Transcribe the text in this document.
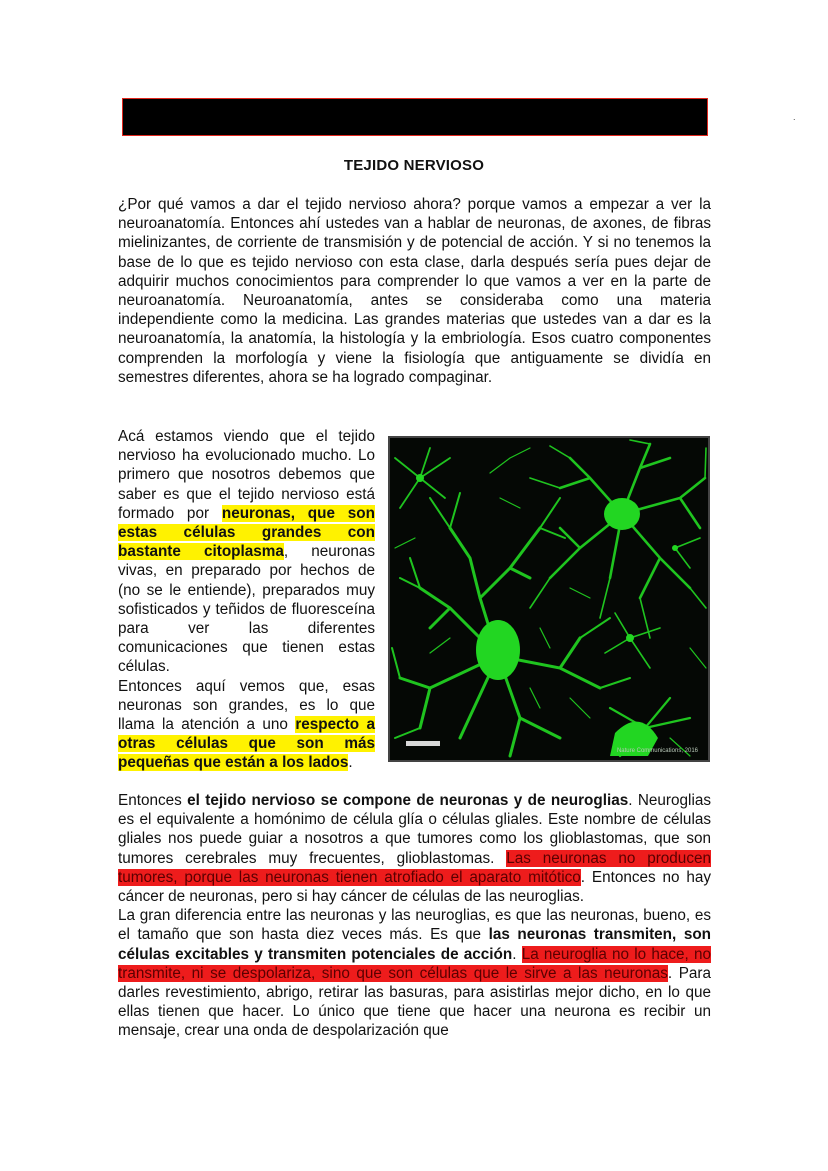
.
TEJIDO NERVIOSO

¿Por qué vamos a dar el tejido nervioso ahora? porque vamos a empezar a ver la neuroanatomía. Entonces ahí ustedes van a hablar de neuronas, de axones, de fibras mielinizantes, de corriente de transmisión y de potencial de acción. Y si no tenemos la base de lo que es tejido nervioso con esta clase, darla después sería pues dejar de adquirir muchos conocimientos para comprender lo que vamos a ver en la parte de neuroanatomía. Neuroanatomía, antes se consideraba como una materia independiente como la medicina. Las grandes materias que ustedes van a dar es la neuroanatomía, la anatomía, la histología y la embriología. Esos cuatro componentes comprenden la morfología y viene la fisiología que antiguamente se dividía en semestres diferentes, ahora se ha logrado compaginar.

Acá estamos viendo que el tejido nervioso ha evolucionado mucho. Lo primero que nosotros debemos que saber es que el tejido nervioso está formado por neuronas, que son estas células grandes con bastante citoplasma, neuronas vivas, en preparado por hechos de (no se le entiende), preparados muy sofisticados y teñidos de fluoresceína para ver las diferentes comunicaciones que tienen estas células.
Entonces aquí vemos que, esas neuronas son grandes, es lo que llama la atención a uno respecto a otras células que son más pequeñas que están a los lados.

Nature Communications, 2016

Entonces el tejido nervioso se compone de neuronas y de neuroglias. Neuroglias es el equivalente a homónimo de célula glía o células gliales. Este nombre de células gliales nos puede guiar a nosotros a que tumores como los glioblastomas, que son tumores cerebrales muy frecuentes, glioblastomas. Las neuronas no producen tumores, porque las neuronas tienen atrofiado el aparato mitótico. Entonces no hay cáncer de neuronas, pero si hay cáncer de células de las neuroglias.
La gran diferencia entre las neuronas y las neuroglias, es que las neuronas, bueno, es el tamaño que son hasta diez veces más. Es que las neuronas transmiten, son células excitables y transmiten potenciales de acción. La neuroglia no lo hace, no transmite, ni se despolariza, sino que son células que le sirve a las neuronas. Para darles revestimiento, abrigo, retirar las basuras, para asistirlas mejor dicho, en lo que ellas tienen que hacer. Lo único que tiene que hacer una neurona es recibir un mensaje, crear una onda de despolarización que
